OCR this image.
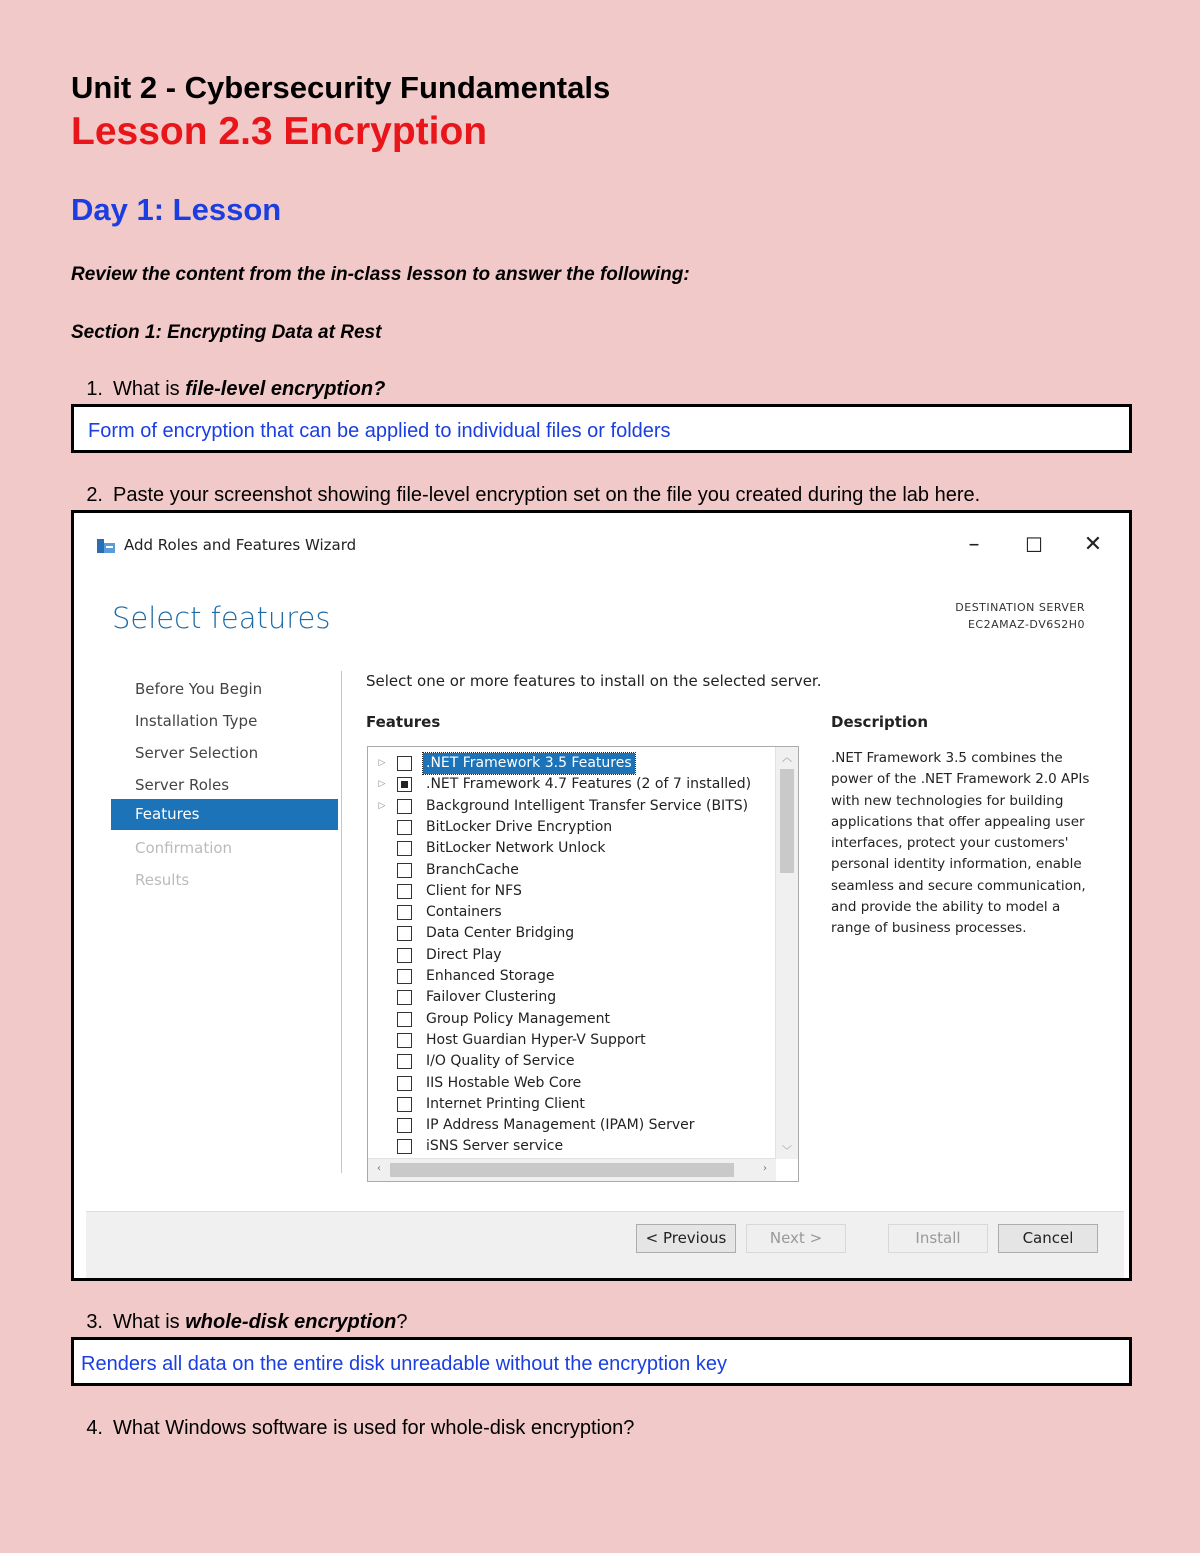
Unit 2 - Cybersecurity Fundamentals
Lesson 2.3 Encryption
Day 1: Lesson
Review the content from the in-class lesson to answer the following:
Section 1: Encrypting Data at Rest
1. What is file-level encryption?
Form of encryption that can be applied to individual files or folders
2. Paste your screenshot showing file-level encryption set on the file you created during the lab here.
Add Roles and Features Wizard	–	☐	✕
Select features	DESTINATION SERVER
EC2AMAZ-DV6S2H0
Before You Begin
Installation Type
Server Selection
Server Roles
Features
Confirmation
Results
Select one or more features to install on the selected server.
Features	Description
.NET Framework 3.5 combines the power of the .NET Framework 2.0 APIs with new technologies for building applications that offer appealing user interfaces, protect your customers' personal identity information, enable seamless and secure communication, and provide the ability to model a range of business processes.
▷	.NET Framework 3.5 Features
▷	.NET Framework 4.7 Features (2 of 7 installed)
▷	Background Intelligent Transfer Service (BITS)
BitLocker Drive Encryption
BitLocker Network Unlock
BranchCache
Client for NFS
Containers
Data Center Bridging
Direct Play
Enhanced Storage
Failover Clustering
Group Policy Management
Host Guardian Hyper-V Support
I/O Quality of Service
IIS Hostable Web Core
Internet Printing Client
IP Address Management (IPAM) Server
iSNS Server service
︿
﹀
‹	›
< Previous	Next >	Install	Cancel
3. What is whole-disk encryption?
Renders all data on the entire disk unreadable without the encryption key
4. What Windows software is used for whole-disk encryption?
